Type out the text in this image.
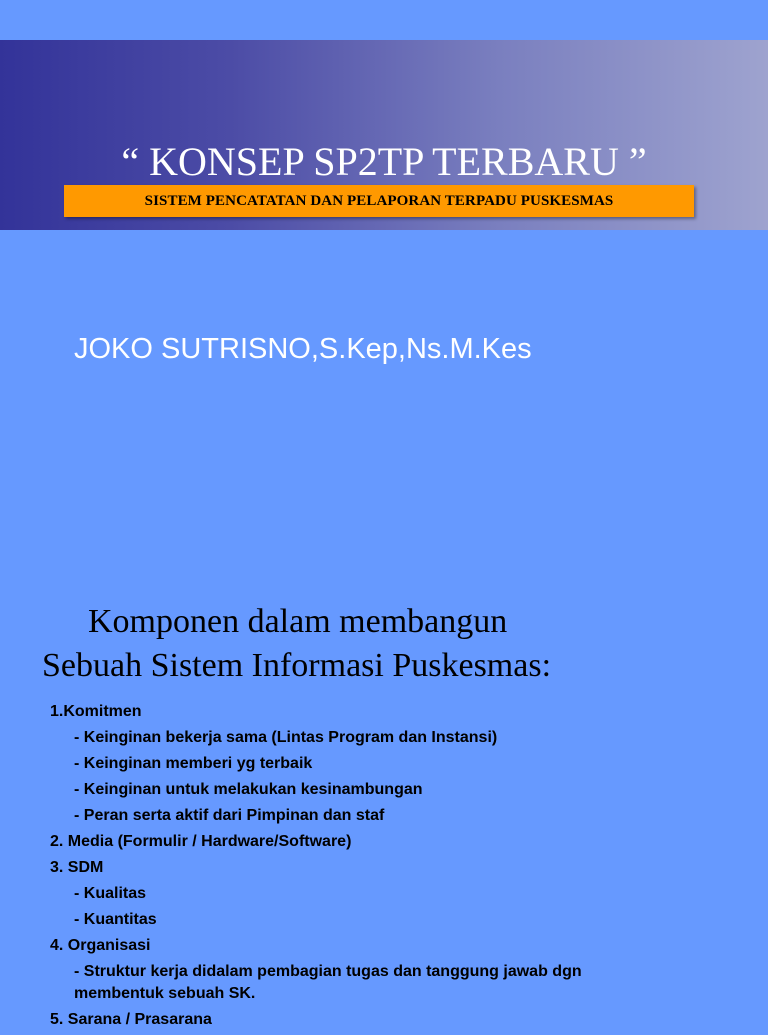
“ KONSEP SP2TP TERBARU ”
SISTEM PENCATATAN DAN PELAPORAN TERPADU PUSKESMAS
JOKO SUTRISNO,S.Kep,Ns.M.Kes
Komponen dalam membangun
Sebuah Sistem Informasi Puskesmas:
1.Komitmen
- Keinginan bekerja sama (Lintas Program dan Instansi)
- Keinginan memberi yg terbaik
- Keinginan untuk melakukan kesinambungan
- Peran serta aktif dari Pimpinan dan staf
2. Media (Formulir / Hardware/Software)
3. SDM
- Kualitas
- Kuantitas
4. Organisasi
- Struktur kerja didalam pembagian tugas dan tanggung jawab dgn membentuk sebuah SK.
5. Sarana / Prasarana
